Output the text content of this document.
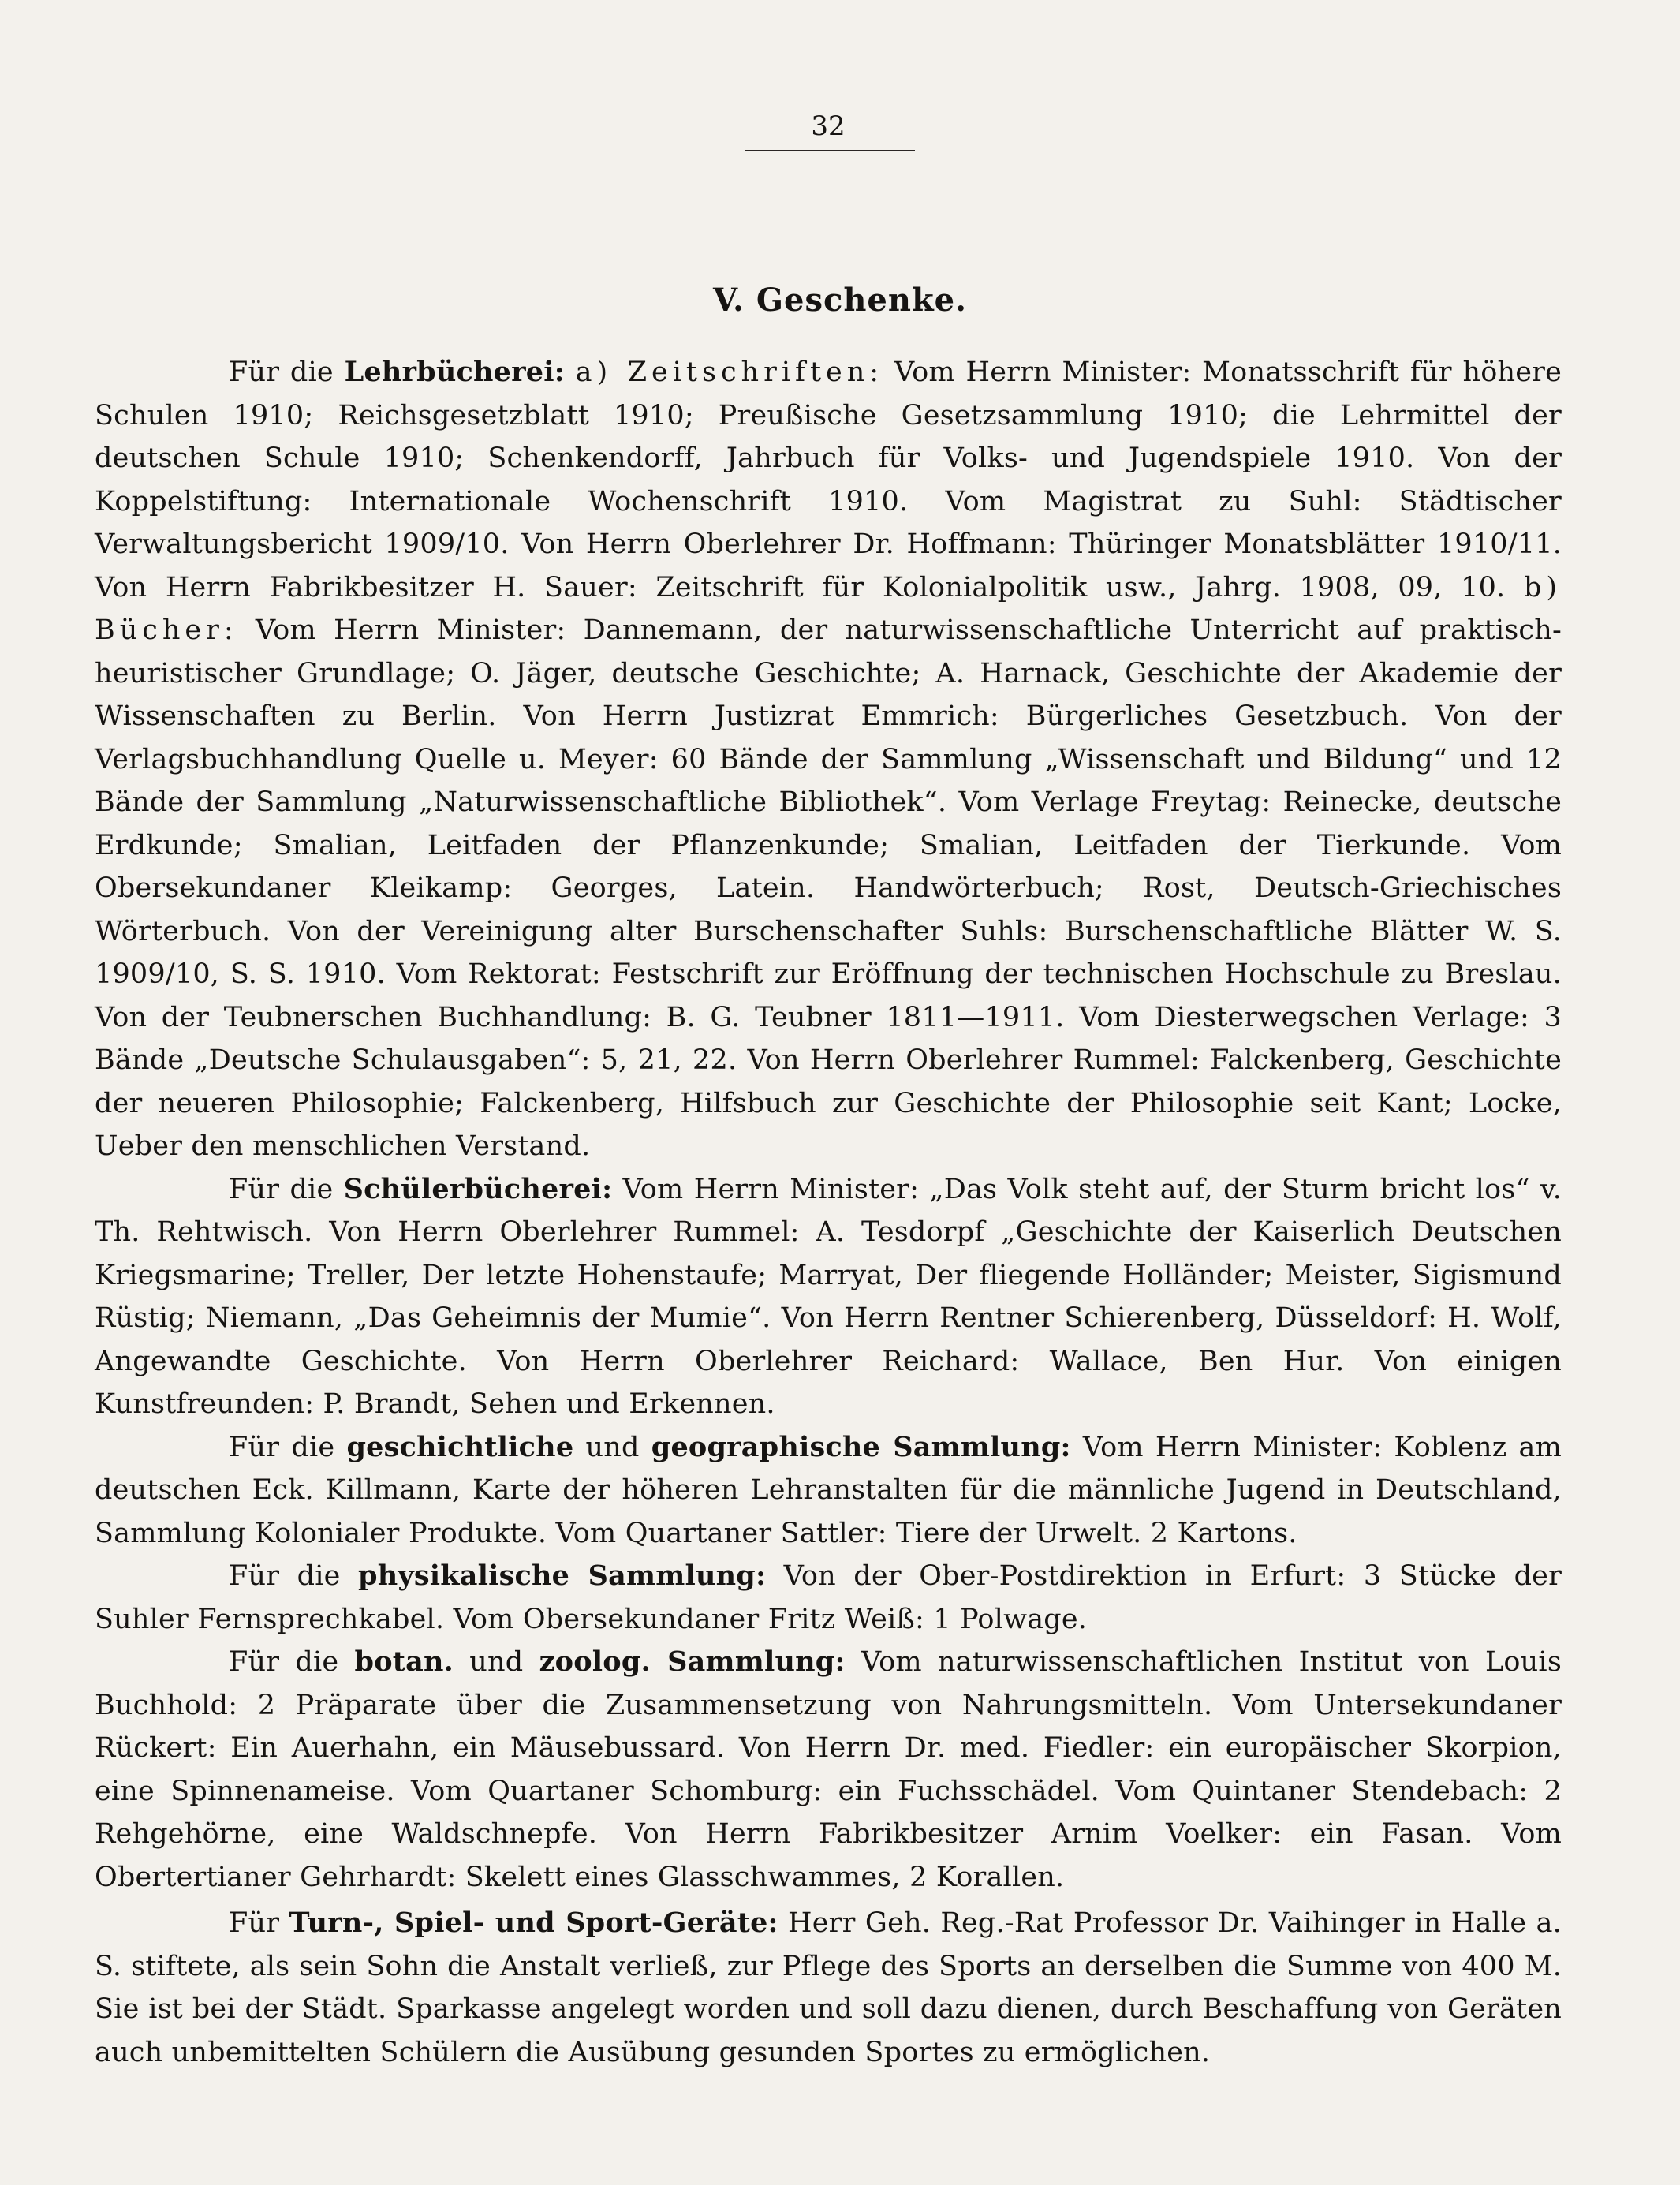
32
V. Geschenke.

Für die Lehrbücherei: a) Zeitschriften: Vom Herrn Minister: Monatsschrift für höhere Schulen 1910; Reichsgesetzblatt 1910; Preußische Gesetzsammlung 1910; die Lehrmittel der deutschen Schule 1910; Schenkendorff, Jahrbuch für Volks- und Jugendspiele 1910. Von der Koppelstiftung: Internationale Wochenschrift 1910. Vom Magistrat zu Suhl: Städtischer Verwaltungsbericht 1909/10. Von Herrn Oberlehrer Dr. Hoffmann: Thüringer Monatsblätter 1910/11. Von Herrn Fabrikbesitzer H. Sauer: Zeitschrift für Kolonialpolitik usw., Jahrg. 1908, 09, 10. b) Bücher: Vom Herrn Minister: Dannemann, der naturwissenschaftliche Unterricht auf praktisch-heuristischer Grundlage; O. Jäger, deutsche Geschichte; A. Harnack, Geschichte der Akademie der Wissenschaften zu Berlin. Von Herrn Justizrat Emmrich: Bürgerliches Gesetzbuch. Von der Verlagsbuchhandlung Quelle u. Meyer: 60 Bände der Sammlung „Wissenschaft und Bildung“ und 12 Bände der Sammlung „Naturwissenschaftliche Bibliothek“. Vom Verlage Freytag: Reinecke, deutsche Erdkunde; Smalian, Leitfaden der Pflanzenkunde; Smalian, Leitfaden der Tierkunde. Vom Obersekundaner Kleikamp: Georges, Latein. Handwörterbuch; Rost, Deutsch-Griechisches Wörterbuch. Von der Vereinigung alter Burschenschafter Suhls: Burschenschaftliche Blätter W. S. 1909/10, S. S. 1910. Vom Rektorat: Festschrift zur Eröffnung der technischen Hochschule zu Breslau. Von der Teubnerschen Buchhandlung: B. G. Teubner 1811—1911. Vom Diesterwegschen Verlage: 3 Bände „Deutsche Schulausgaben“: 5, 21, 22. Von Herrn Oberlehrer Rummel: Falckenberg, Geschichte der neueren Philosophie; Falckenberg, Hilfsbuch zur Geschichte der Philosophie seit Kant; Locke, Ueber den menschlichen Verstand.

Für die Schülerbücherei: Vom Herrn Minister: „Das Volk steht auf, der Sturm bricht los“ v. Th. Rehtwisch. Von Herrn Oberlehrer Rummel: A. Tesdorpf „Geschichte der Kaiserlich Deutschen Kriegsmarine; Treller, Der letzte Hohenstaufe; Marryat, Der fliegende Holländer; Meister, Sigismund Rüstig; Niemann, „Das Geheimnis der Mumie“. Von Herrn Rentner Schierenberg, Düsseldorf: H. Wolf, Angewandte Geschichte. Von Herrn Oberlehrer Reichard: Wallace, Ben Hur. Von einigen Kunstfreunden: P. Brandt, Sehen und Erkennen.

Für die geschichtliche und geographische Sammlung: Vom Herrn Minister: Koblenz am deutschen Eck. Killmann, Karte der höheren Lehranstalten für die männliche Jugend in Deutschland, Sammlung Kolonialer Produkte. Vom Quartaner Sattler: Tiere der Urwelt. 2 Kartons.

Für die physikalische Sammlung: Von der Ober-Postdirektion in Erfurt: 3 Stücke der Suhler Fernsprechkabel. Vom Obersekundaner Fritz Weiß: 1 Polwage.

Für die botan. und zoolog. Sammlung: Vom naturwissenschaftlichen Institut von Louis Buchhold: 2 Präparate über die Zusammensetzung von Nahrungsmitteln. Vom Untersekundaner Rückert: Ein Auerhahn, ein Mäusebussard. Von Herrn Dr. med. Fiedler: ein europäischer Skorpion, eine Spinnenameise. Vom Quartaner Schomburg: ein Fuchsschädel. Vom Quintaner Stendebach: 2 Rehgehörne, eine Waldschnepfe. Von Herrn Fabrikbesitzer Arnim Voelker: ein Fasan. Vom Obertertianer Gehrhardt: Skelett eines Glasschwammes, 2 Korallen.

Für Turn-, Spiel- und Sport-Geräte: Herr Geh. Reg.-Rat Professor Dr. Vaihinger in Halle a. S. stiftete, als sein Sohn die Anstalt verließ, zur Pflege des Sports an derselben die Summe von 400 M. Sie ist bei der Städt. Sparkasse angelegt worden und soll dazu dienen, durch Beschaffung von Geräten auch unbemittelten Schülern die Ausübung gesunden Sportes zu ermöglichen.
